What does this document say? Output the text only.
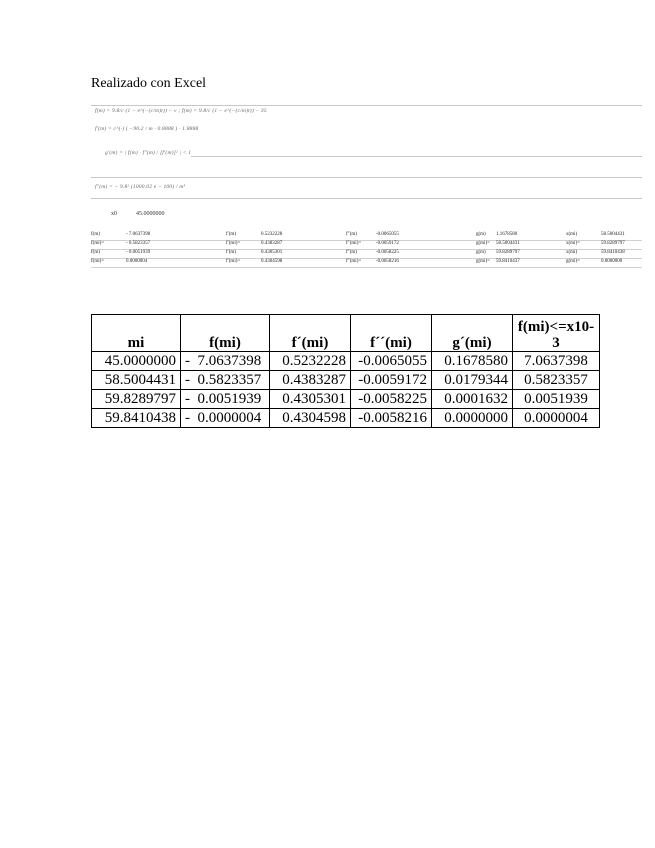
Realizado con Excel
f(m) = 9.8/c (1 − e^(−(c/m)t)) − v ; f(m) = 9.8/c (1 − e^(−(c/m)t)) − 35
f′(m) = c^(·) ( −90.2 / m · 0.8888 ) · 1.8888
g′(m) = | f(m) · f″(m) / [f′(m)]² | < 1
f″(m) = − 9.8² (1000.02 e − 100) / m³
x0	45.0000000
f(m)	- 7.0637398	f′(m)	0.5232228	f″(m)	-0.0065055	g(m) 1.1678580	x(mi)	58.5004431
f(mi)=	- 0.5823357	f′(mi)=	0.4383287	f″(mi)=	-0.0059172	g(mi)= 58.5004431	x(mi)=	59.8289797
f(m)	- 0.0051939	f′(m)	0.4305301	f″(m)	-0.0058225	g(m) 59.8289797	x(mi)	59.8410438
f(mi)=	0.0000004	f′(mi)=	0.4304598	f″(mi)=	-0.0058216	g(mi)= 59.8410437	g(mi)=	0.0000000
mi	f(mi)	f´(mi)	f´´(mi)	g´(mi)	f(mi)<=x10-3
45.0000000	- 7.0637398	0.5232228	-0.0065055	0.1678580	7.0637398
58.5004431	- 0.5823357	0.4383287	-0.0059172	0.0179344	0.5823357
59.8289797	- 0.0051939	0.4305301	-0.0058225	0.0001632	0.0051939
59.8410438	- 0.0000004	0.4304598	-0.0058216	0.0000000	0.0000004
